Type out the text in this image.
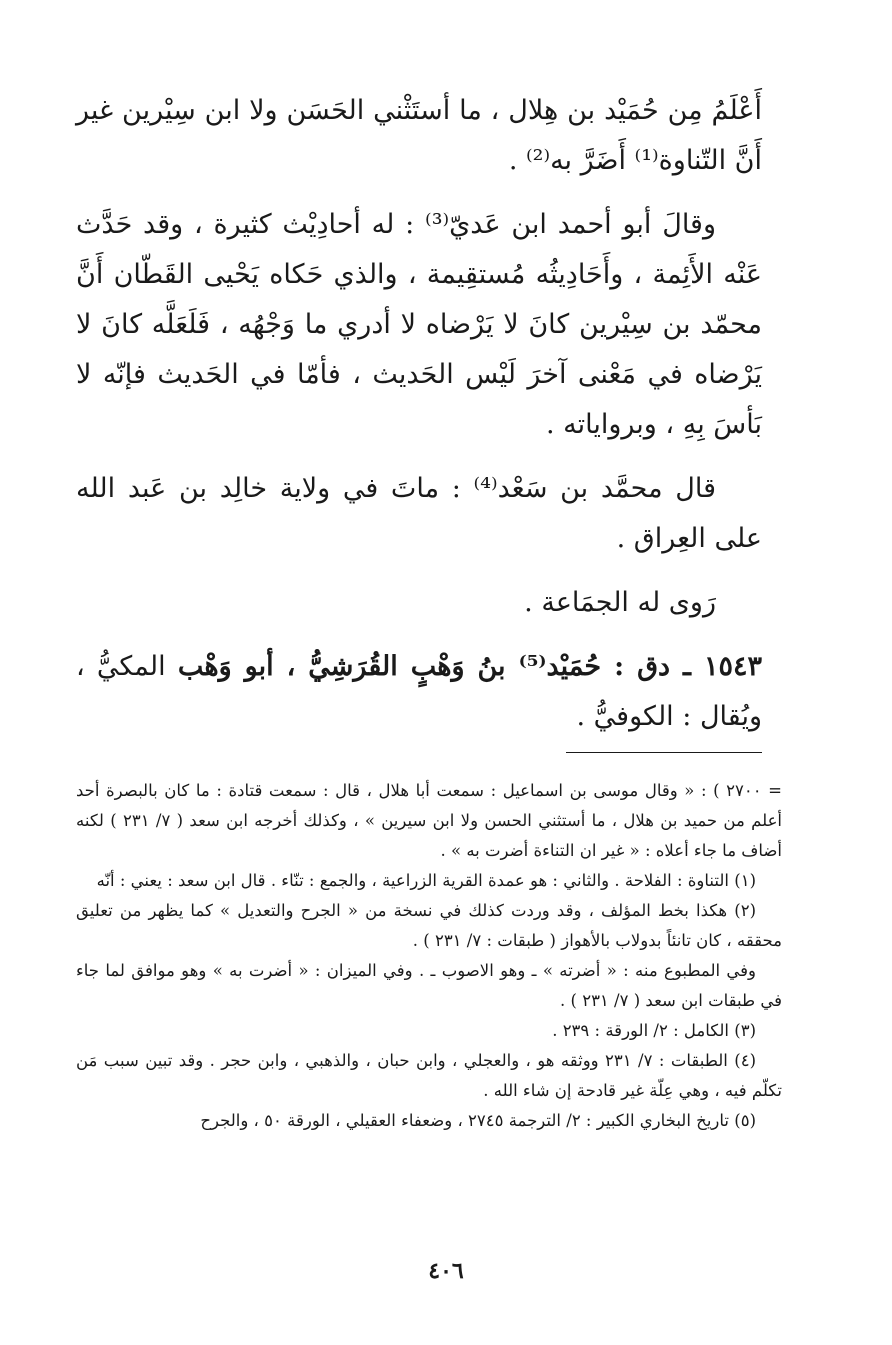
أَعْلَمُ مِن حُمَيْد بن هِلال ، ما أستَثْني الحَسَن ولا ابن سِيْرين غير أَنَّ التّناوة⁽¹⁾ أَضَرَّ به⁽²⁾ .

وقالَ أبو أحمد ابن عَديّ⁽³⁾ : له أحادِيْث كثيرة ، وقد حَدَّث عَنْه الأَئِمة ، وأَحَادِيثُه مُستقِيمة ، والذي حَكاه يَحْيى القَطّان أَنَّ محمّد بن سِيْرين كانَ لا يَرْضاه لا أدري ما وَجْهُه ، فَلَعَلَّه كانَ لا يَرْضاه في مَعْنى آخرَ لَيْس الحَديث ، فأمّا في الحَديث فإنّه لا بَأسَ بِهِ ، وبرواياته .

قال محمَّد بن سَعْد⁽⁴⁾ : ماتَ في ولاية خالِد بن عَبد الله على العِراق .

رَوى له الجمَاعة .

١٥٤٣ ـ دق : حُمَيْد⁽⁵⁾ بنُ وَهْبٍ القُرَشِيُّ ، أبو وَهْب المكيُّ ، ويُقال : الكوفيُّ .

= ٢٧٠٠ ) : « وقال موسى بن اسماعيل : سمعت أبا هلال ، قال : سمعت قتادة : ما كان بالبصرة أحد أعلم من حميد بن هلال ، ما أستثني الحسن ولا ابن سيرين » ، وكذلك أخرجه ابن سعد ( ٧/ ٢٣١ ) لكنه أضاف ما جاء أعلاه : « غير ان التناءة أضرت به » .

(١) التناوة : الفلاحة . والثاني : هو عمدة القرية الزراعية ، والجمع : تنّاء . قال ابن سعد : يعني : أنّه

(٢) هكذا بخط المؤلف ، وقد وردت كذلك في نسخة من « الجرح والتعديل » كما يظهر من تعليق محققه ، كان تانئاً بدولاب بالأهواز ( طبقات : ٧/ ٢٣١ ) .

وفي المطبوع منه : « أضرته » ـ وهو الاصوب ـ . وفي الميزان : « أضرت به » وهو موافق لما جاء في طبقات ابن سعد ( ٧/ ٢٣١ ) .

(٣) الكامل : ٢/ الورقة : ٢٣٩ .

(٤) الطبقات : ٧/ ٢٣١ ووثقه هو ، والعجلي ، وابن حبان ، والذهبي ، وابن حجر . وقد تبين سبب مَن تكلّم فيه ، وهي عِلّة غير قادحة إن شاء الله .

(٥) تاريخ البخاري الكبير : ٢/ الترجمة ٢٧٤٥ ، وضعفاء العقيلي ، الورقة ٥٠ ، والجرح

٤٠٦
